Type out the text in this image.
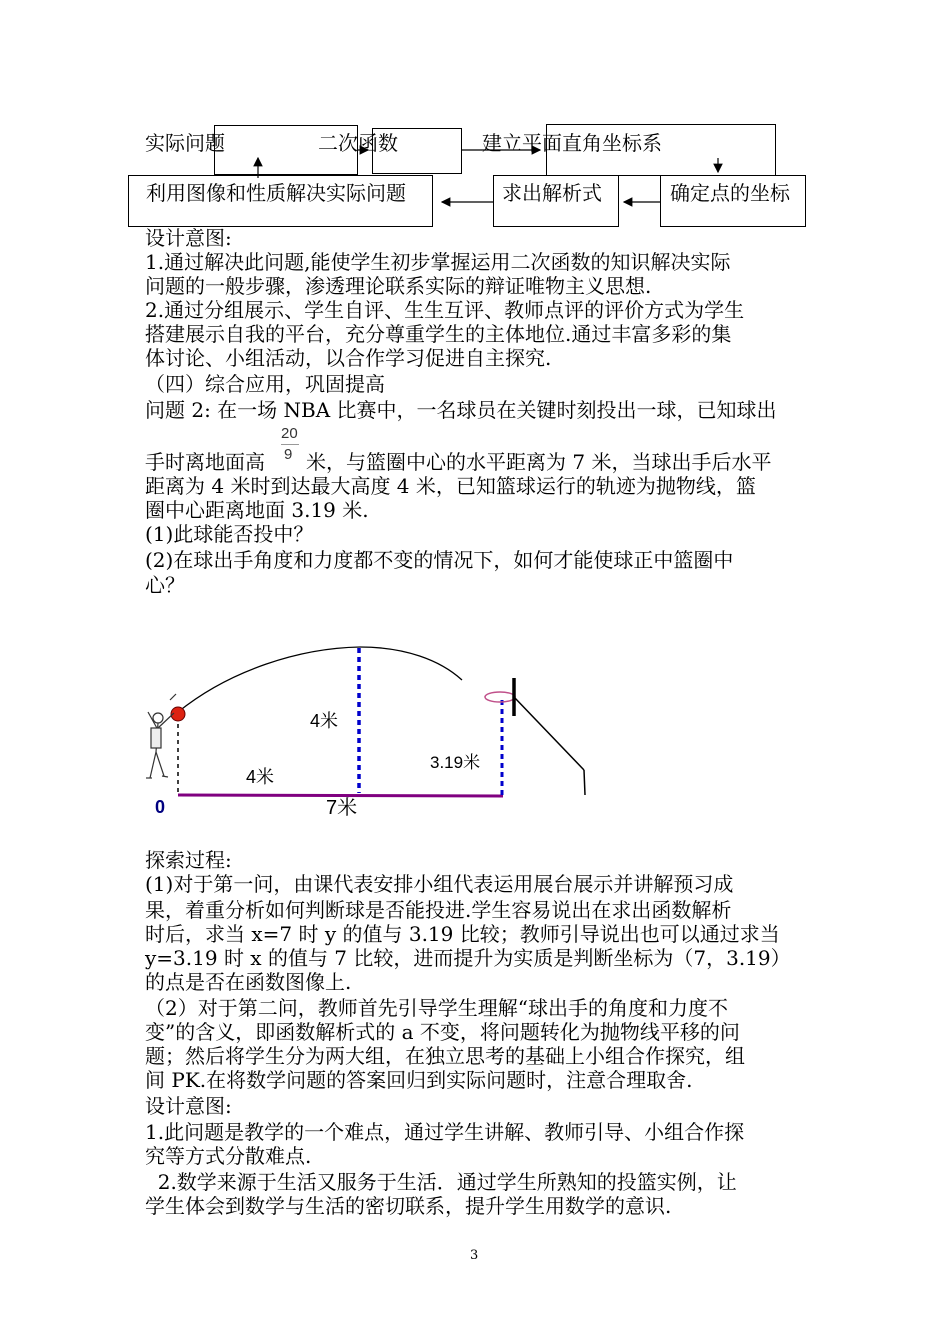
实际问题	二次函数	建立平面直角坐标系
利用图像和性质解决实际问题	求出解析式	确定点的坐标
设计意图:
1.通过解决此问题,能使学生初步掌握运用二次函数的知识解决实际
问题的一般步骤，渗透理论联系实际的辩证唯物主义思想.
2.通过分组展示、学生自评、生生互评、教师点评的评价方式为学生
搭建展示自我的平台，充分尊重学生的主体地位.通过丰富多彩的集
体讨论、小组活动，以合作学习促进自主探究.
（四）综合应用，巩固提高
问题 2: 在一场 NBA 比赛中，一名球员在关键时刻投出一球，已知球出
20
9
手时离地面高 米，与篮圈中心的水平距离为 7 米，当球出手后水平
距离为 4 米时到达最大高度 4 米，已知篮球运行的轨迹为抛物线，篮
圈中心距离地面 3.19 米.
(1)此球能否投中？
(2)在球出手角度和力度都不变的情况下，如何才能使球正中篮圈中
心？
4米
3.19米
4米
0	7米
探索过程:
(1)对于第一问，由课代表安排小组代表运用展台展示并讲解预习成
果，着重分析如何判断球是否能投进.学生容易说出在求出函数解析
时后，求当 x=7 时 y 的值与 3.19 比较；教师引导说出也可以通过求当
y=3.19 时 x 的值与 7 比较，进而提升为实质是判断坐标为（7，3.19）
的点是否在函数图像上.
（2）对于第二问，教师首先引导学生理解“球出手的角度和力度不
变”的含义，即函数解析式的 a 不变，将问题转化为抛物线平移的问
题；然后将学生分为两大组，在独立思考的基础上小组合作探究，组
间 PK.在将数学问题的答案回归到实际问题时，注意合理取舍.
设计意图:
1.此问题是教学的一个难点，通过学生讲解、教师引导、小组合作探
究等方式分散难点.
2.数学来源于生活又服务于生活．通过学生所熟知的投篮实例，让
学生体会到数学与生活的密切联系，提升学生用数学的意识.
3
